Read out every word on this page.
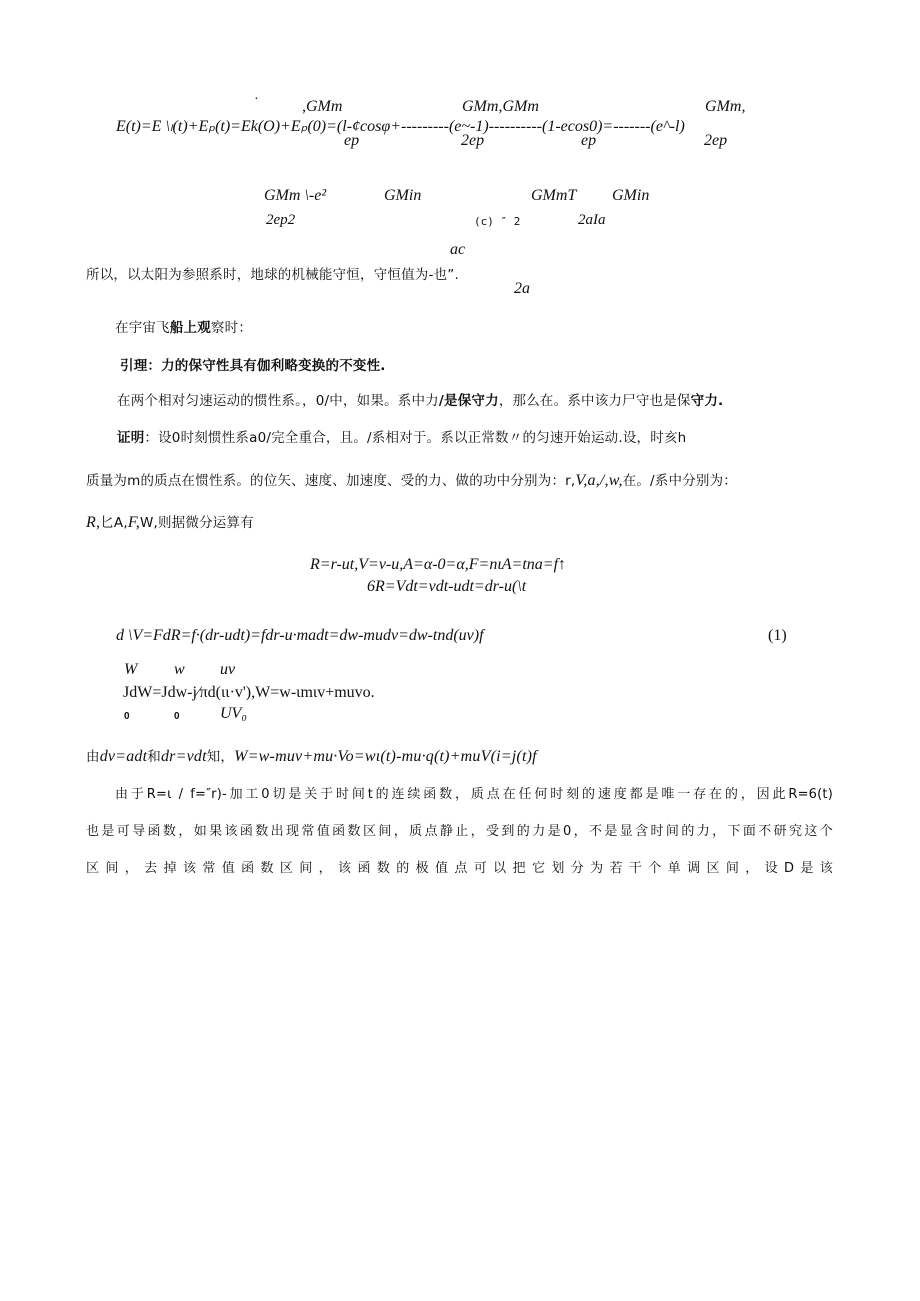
.
,GMm	GMm,GMm	GMm,
E(t)=E \ₗ(t)+Eₚ(t)=Ek(O)+Eₚ(0)=(l-¢cosφ+---------(e~-1)----------(1-ecos0)=-------(e^-l)
ep	2ep	ep	2ep
GMm \-e²	GMin	GMmT GMin
2ep2	(c) ″ 2	2aIa
ac
所以，以太阳为参照系时，地球的机械能守恒，守恒值为-也”.
2a
在宇宙飞船上观察时：
引理：力的保守性具有伽利略变换的不变性.
在两个相对匀速运动的惯性系。，0/中，如果。系中力/是保守力，那么在。系中该力尸守也是保守力.
证明：设0时刻惯性系a0/完全重合，且。/系相对于。系以正常数〃的匀速开始运动.设，时亥h
质量为m的质点在惯性系。的位矢、速度、加速度、受的力、做的功中分别为：r,V,a,/,w,在。/系中分别为：
R,匕A,F,W,则据微分运算有
R=r-ut,V=v-u,A=α-0=α,F=nιA=tna=f↑
6R=Vdt=vdt-udt=dr-u(\t
d \V=FdR=f·(dr-udt)=fdr-u·madt=dw-mudv=dw-tnd(uv)f	(1)
W w uv
JdW=Jdw-j∕πd(ιι·v'),W=w-ιmιv+muvo.
0	0	UV₀
由dv=adt和dr=vdt知，W=w-muv+mu·Vo=wι(t)-mu·q(t)+muV(i=j(t)f
由于R=ι / f=″r)-加工0切是关于时间t的连续函数，质点在任何时刻的速度都是唯一存在的，因此R=6(t)
也是可导函数，如果该函数出现常值函数区间，质点静止，受到的力是0，不是显含时间的力，下面不研究这个
区间，去掉该常值函数区间，该函数的极值点可以把它划分为若干个单调区间，设D是该
